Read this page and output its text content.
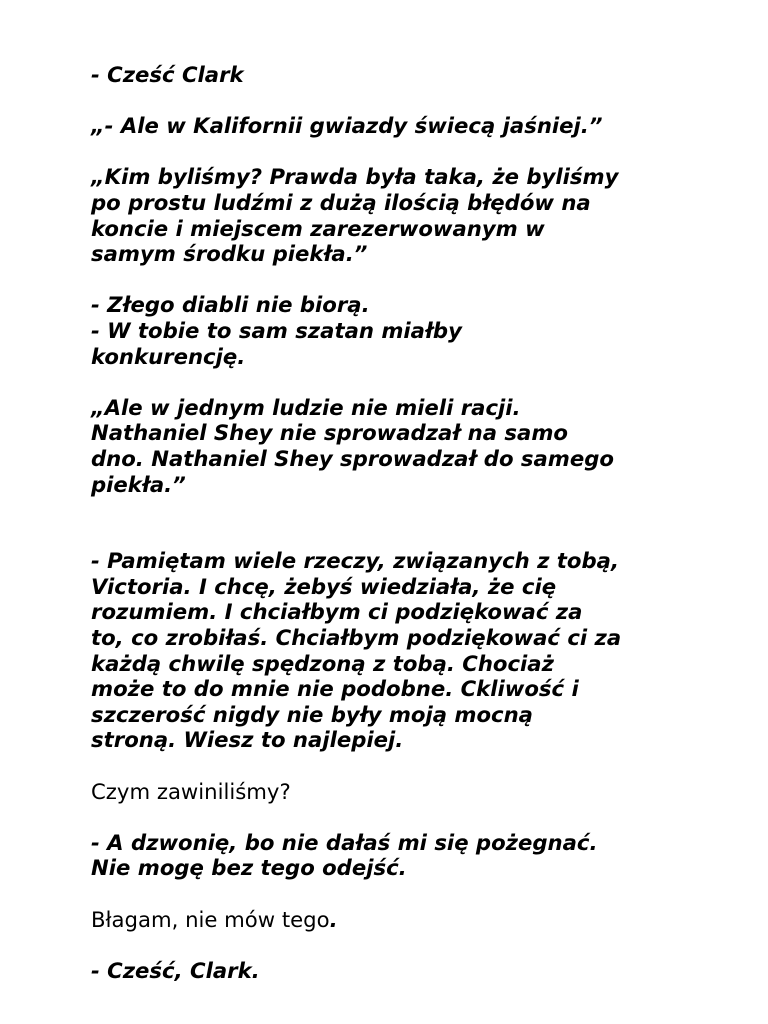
- Cześć Clark
„- Ale w Kalifornii gwiazdy świecą jaśniej.”
„Kim byliśmy? Prawda była taka, że byliśmy
po prostu ludźmi z dużą ilością błędów na
koncie i miejscem zarezerwowanym w
samym środku piekła.”
- Złego diabli nie biorą.
- W tobie to sam szatan miałby
konkurencję.
„Ale w jednym ludzie nie mieli racji.
Nathaniel Shey nie sprowadzał na samo
dno. Nathaniel Shey sprowadzał do samego
piekła.”
- Pamiętam wiele rzeczy, związanych z tobą,
Victoria. I chcę, żebyś wiedziała, że cię
rozumiem. I chciałbym ci podziękować za
to, co zrobiłaś. Chciałbym podziękować ci za
każdą chwilę spędzoną z tobą. Chociaż
może to do mnie nie podobne. Ckliwość i
szczerość nigdy nie były moją mocną
stroną. Wiesz to najlepiej.
Czym zawiniliśmy?
- A dzwonię, bo nie dałaś mi się pożegnać.
Nie mogę bez tego odejść.
Błagam, nie mów tego.
- Cześć, Clark.
